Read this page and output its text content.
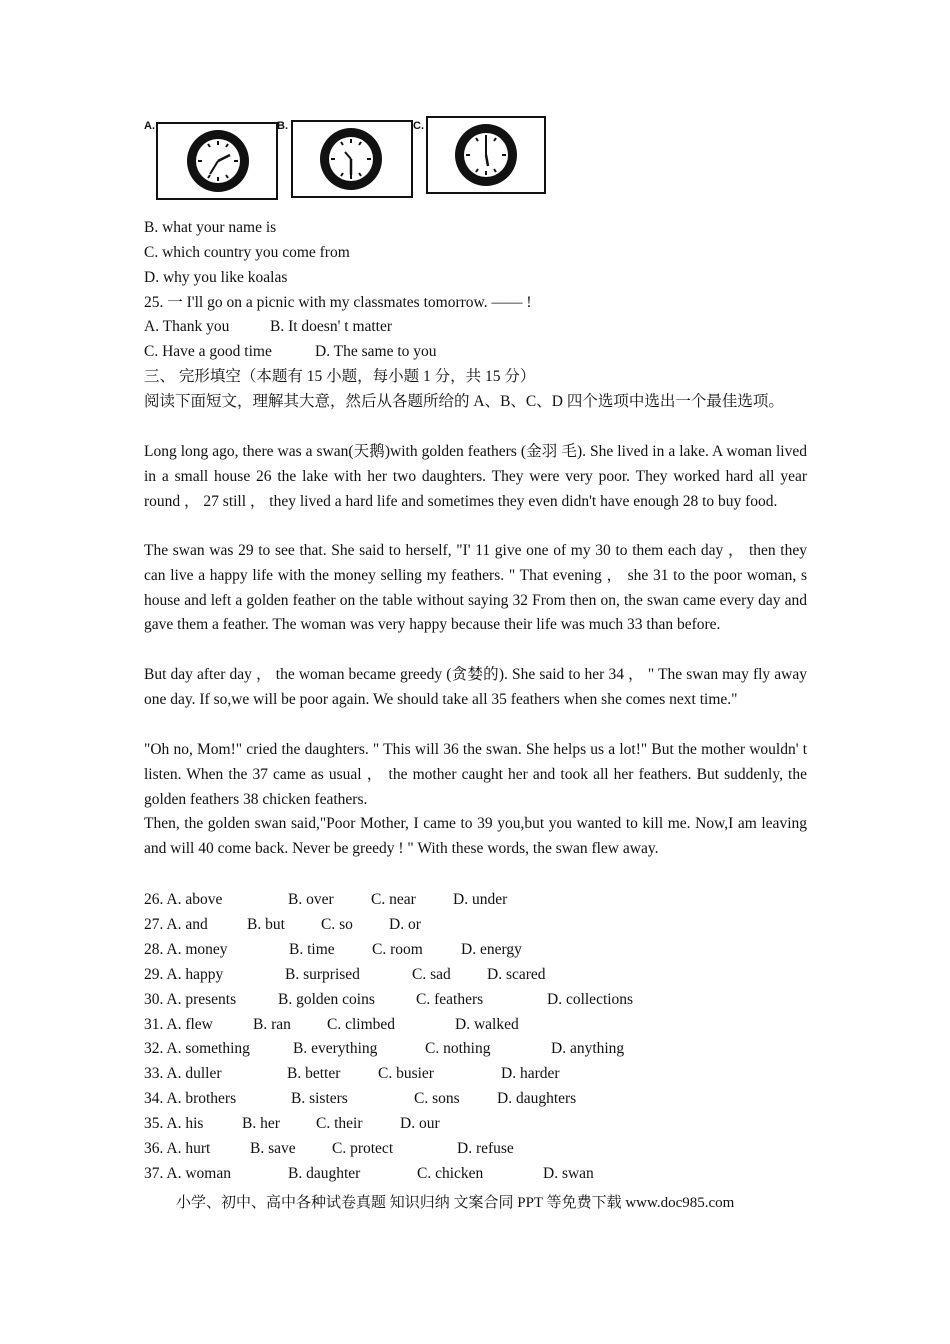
A.	B.	C.
B. what your name is
C. which country you come from
D. why you like koalas
25. 一 I'll go on a picnic with my classmates tomorrow. —— !
A. Thank you	B. It doesn' t matter
C. Have a good time	D. The same to you
三、 完形填空（本题有 15 小题，每小题 1 分，共 15 分）
阅读下面短文，理解其大意，然后从各题所给的 A、B、C、D 四个选项中选出一个最佳选项。
Long long ago, there was a swan(天鹅)with golden feathers (金羽 毛). She lived in a lake. A woman lived in a small house 26 the lake with her two daughters. They were very poor. They worked hard all year round ， 27 still ， they lived a hard life and sometimes they even didn't have enough 28 to buy food.
The swan was 29 to see that. She said to herself, "I' 11 give one of my 30 to them each day ， then they can live a happy life with the money selling my feathers. " That evening ， she 31 to the poor woman, s house and left a golden feather on the table without saying 32 From then on, the swan came every day and gave them a feather. The woman was very happy because their life was much 33 than before.
But day after day ， the woman became greedy (贪婪的). She said to her 34 ， " The swan may fly away one day. If so,we will be poor again. We should take all 35 feathers when she comes next time."
"Oh no, Mom!" cried the daughters. " This will 36 the swan. She helps us a lot!" But the mother wouldn' t listen. When the 37 came as usual ， the mother caught her and took all her feathers. But suddenly, the golden feathers 38 chicken feathers.
Then, the golden swan said,"Poor Mother, I came to 39 you,but you wanted to kill me. Now,I am leaving and will 40 come back. Never be greedy ! " With these words, the swan flew away.
26. A. above	B. over C. near D. under
27. A. and	B. but C. so D. or
28. A. money	B. time C. room D. energy
29. A. happy	B. surprised	C. sad D. scared
30. A. presents	B. golden coins	C. feathers	D. collections
31. A. flew	B. ran C. climbed	D. walked
32. A. something	B. everything	C. nothing	D. anything
33. A. duller	B. better C. busier	D. harder
34. A. brothers	B. sisters	C. sons D. daughters
35. A. his B. her C. their D. our
36. A. hurt	B. save C. protect	D. refuse
37. A. woman	B. daughter	C. chicken	D. swan
小学、初中、高中各种试卷真题 知识归纳 文案合同 PPT 等免费下载 www.doc985.com
